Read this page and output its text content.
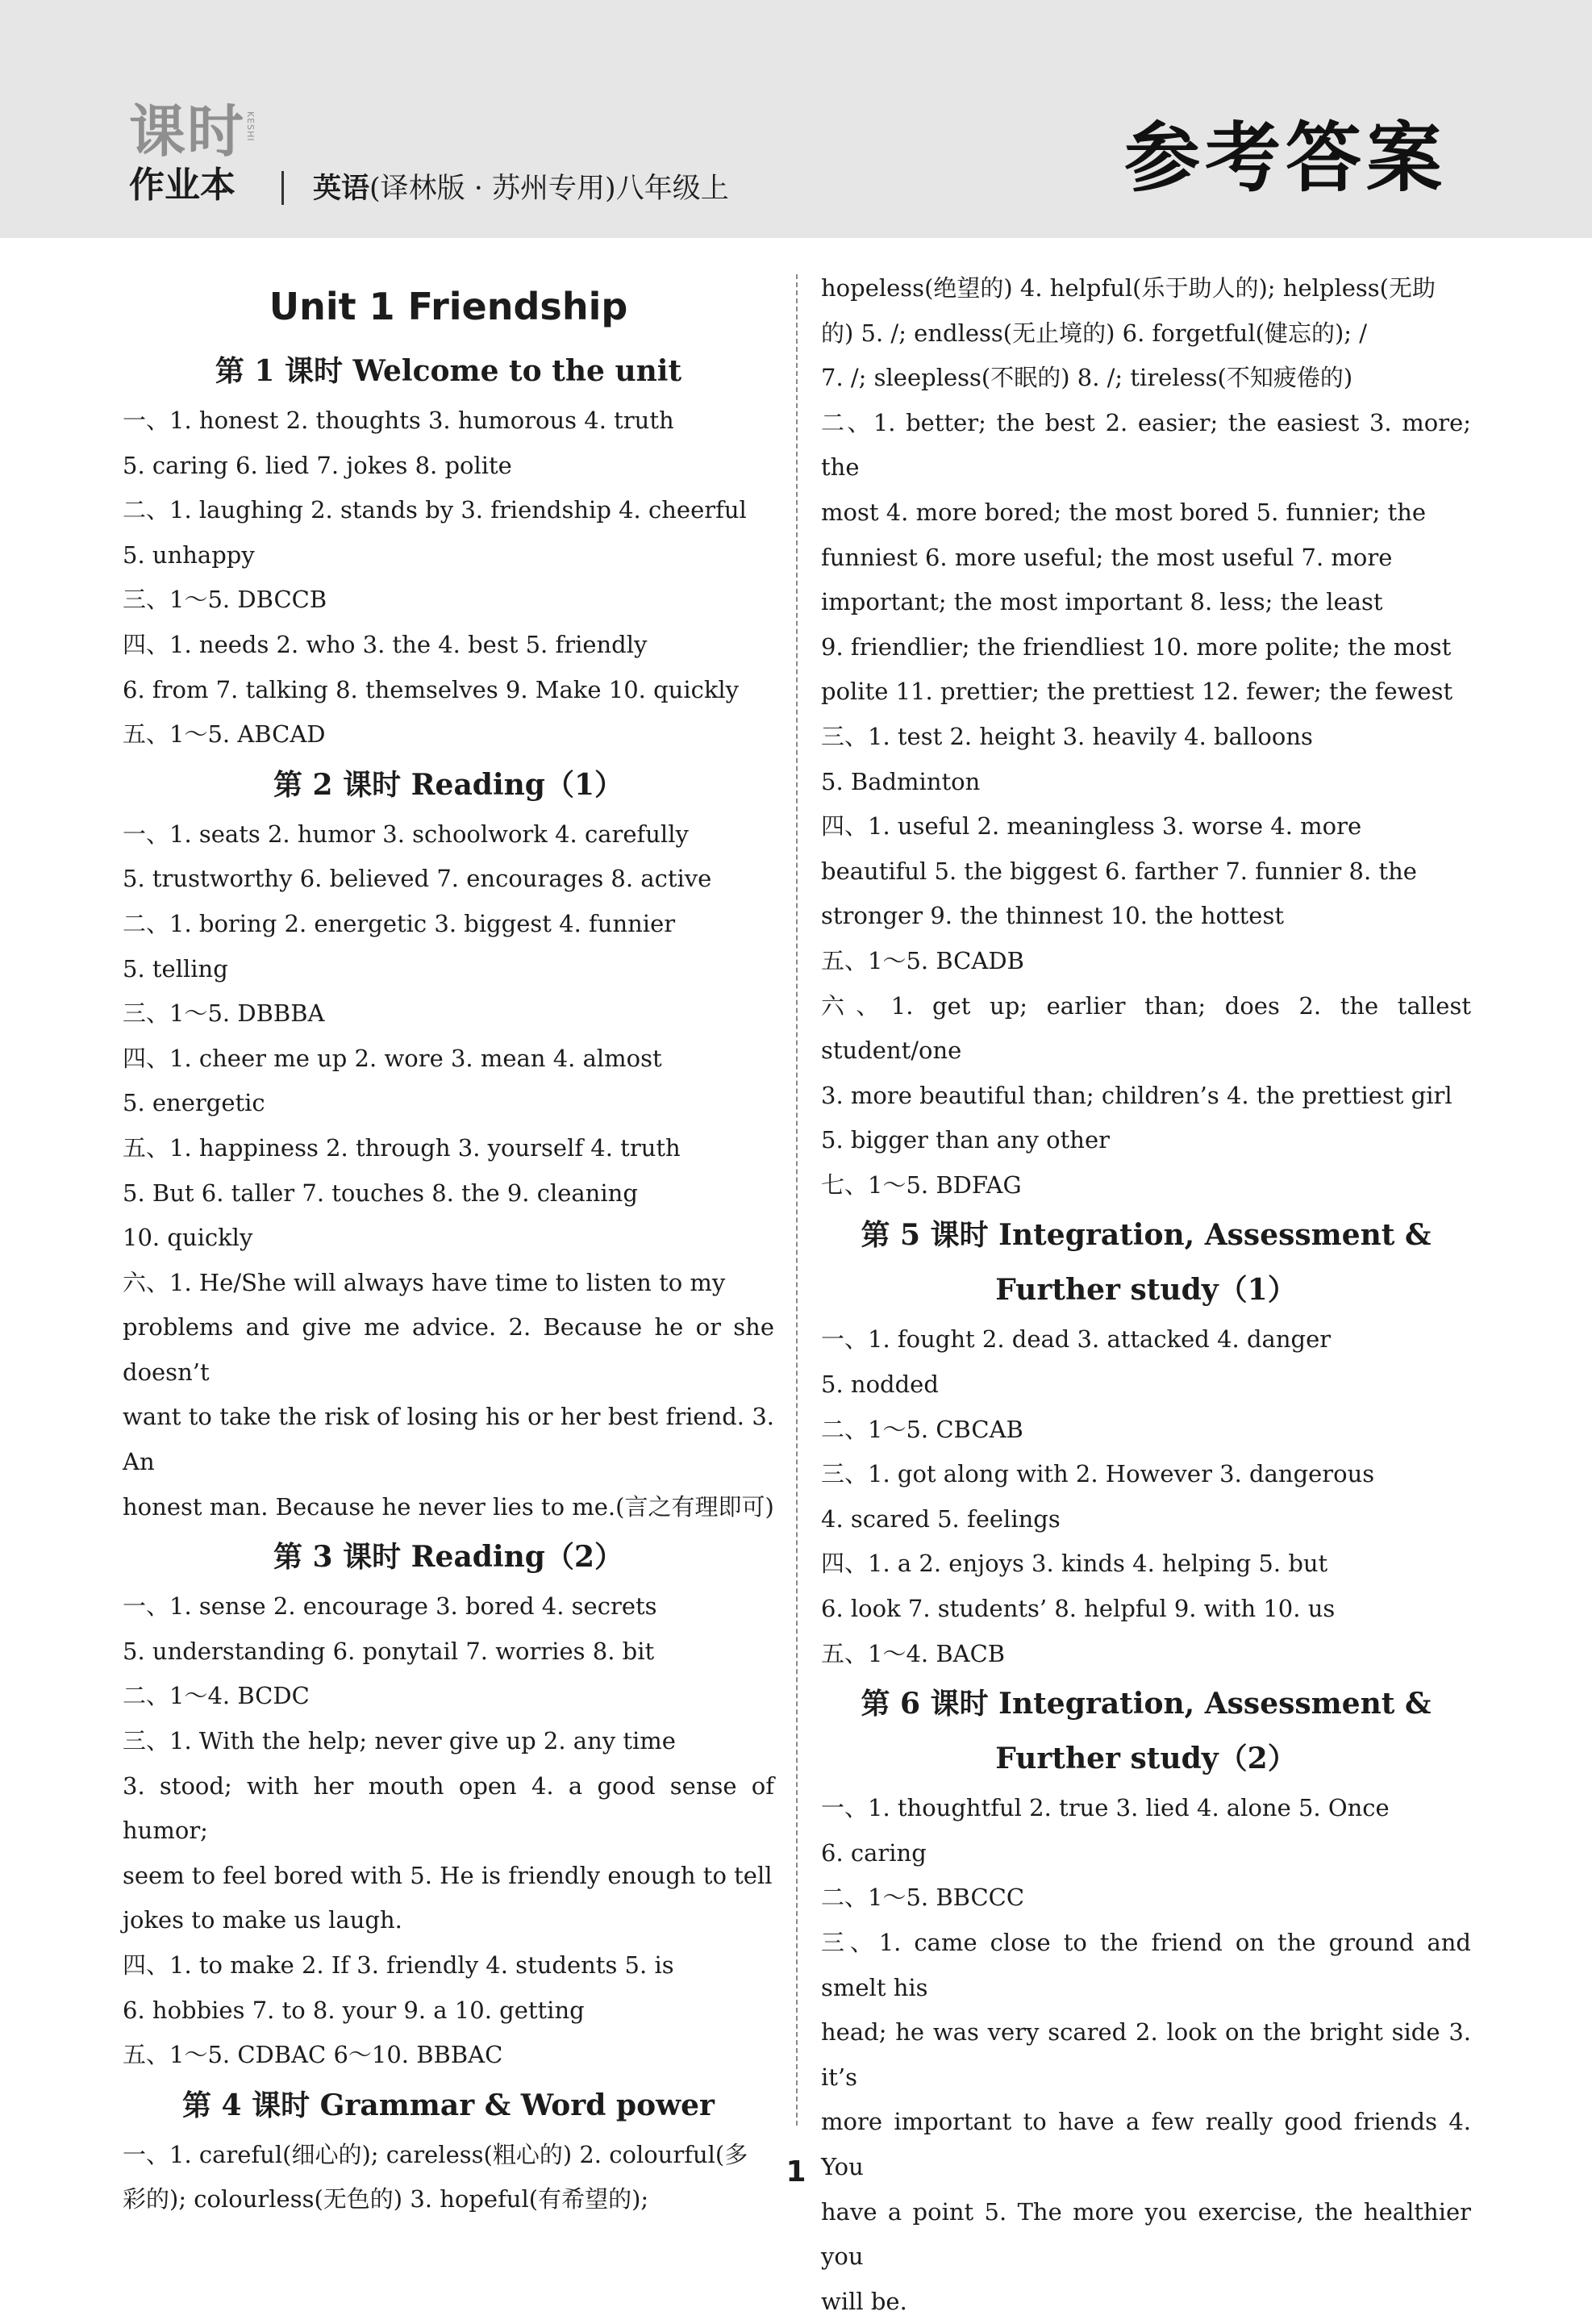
课时 KESHI
作业本	英语(译林版 · 苏州专用)八年级上	参考答案
Unit 1 Friendship
第 1 课时 Welcome to the unit
一、1. honest 2. thoughts 3. humorous 4. truth
5. caring 6. lied 7. jokes 8. polite
二、1. laughing 2. stands by 3. friendship 4. cheerful
5. unhappy
三、1～5. DBCCB
四、1. needs 2. who 3. the 4. best 5. friendly
6. from 7. talking 8. themselves 9. Make 10. quickly
五、1～5. ABCAD
第 2 课时 Reading（1）
一、1. seats 2. humor 3. schoolwork 4. carefully
5. trustworthy 6. believed 7. encourages 8. active
二、1. boring 2. energetic 3. biggest 4. funnier
5. telling
三、1～5. DBBBA
四、1. cheer me up 2. wore 3. mean 4. almost
5. energetic
五、1. happiness 2. through 3. yourself 4. truth
5. But 6. taller 7. touches 8. the 9. cleaning
10. quickly
六、1. He/She will always have time to listen to my
problems and give me advice. 2. Because he or she doesn’t
want to take the risk of losing his or her best friend. 3. An
honest man. Because he never lies to me.(言之有理即可)
第 3 课时 Reading（2）
一、1. sense 2. encourage 3. bored 4. secrets
5. understanding 6. ponytail 7. worries 8. bit
二、1～4. BCDC
三、1. With the help; never give up 2. any time
3. stood; with her mouth open 4. a good sense of humor;
seem to feel bored with 5. He is friendly enough to tell
jokes to make us laugh.
四、1. to make 2. If 3. friendly 4. students 5. is
6. hobbies 7. to 8. your 9. a 10. getting
五、1～5. CDBAC 6～10. BBBAC
第 4 课时 Grammar & Word power
一、1. careful(细心的); careless(粗心的) 2. colourful(多
彩的); colourless(无色的) 3. hopeful(有希望的);
hopeless(绝望的) 4. helpful(乐于助人的); helpless(无助
的) 5. /; endless(无止境的) 6. forgetful(健忘的); /
7. /; sleepless(不眠的) 8. /; tireless(不知疲倦的)
二、1. better; the best 2. easier; the easiest 3. more; the
most 4. more bored; the most bored 5. funnier; the
funniest 6. more useful; the most useful 7. more
important; the most important 8. less; the least
9. friendlier; the friendliest 10. more polite; the most
polite 11. prettier; the prettiest 12. fewer; the fewest
三、1. test 2. height 3. heavily 4. balloons
5. Badminton
四、1. useful 2. meaningless 3. worse 4. more
beautiful 5. the biggest 6. farther 7. funnier 8. the
stronger 9. the thinnest 10. the hottest
五、1～5. BCADB
六、1. get up; earlier than; does 2. the tallest student/one
3. more beautiful than; children’s 4. the prettiest girl
5. bigger than any other
七、1～5. BDFAG
第 5 课时 Integration, Assessment &
Further study（1）
一、1. fought 2. dead 3. attacked 4. danger
5. nodded
二、1～5. CBCAB
三、1. got along with 2. However 3. dangerous
4. scared 5. feelings
四、1. a 2. enjoys 3. kinds 4. helping 5. but
6. look 7. students’ 8. helpful 9. with 10. us
五、1～4. BACB
第 6 课时 Integration, Assessment &
Further study（2）
一、1. thoughtful 2. true 3. lied 4. alone 5. Once
6. caring
二、1～5. BBCCC
三、1. came close to the friend on the ground and smelt his
head; he was very scared 2. look on the bright side 3. it’s
more important to have a few really good friends 4. You
have a point 5. The more you exercise, the healthier you
will be.
1
